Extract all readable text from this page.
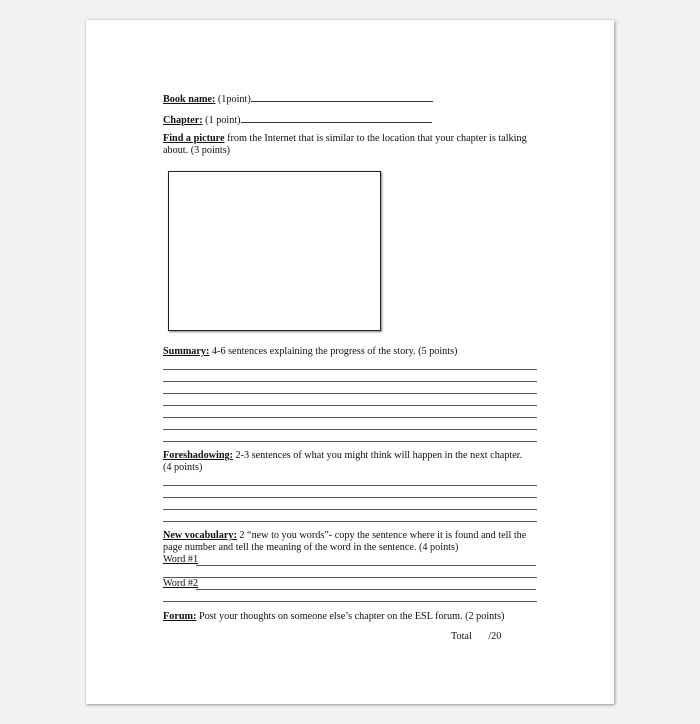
Book name: (1point)
Chapter: (1 point)
Find a picture from the Internet that is similar to the location that your chapter is talking
about. (3 points)
Summary: 4-6 sentences explaining the progress of the story. (5 points)
Foreshadowing: 2-3 sentences of what you might think will happen in the next chapter.
(4 points)
New vocabulary: 2 “new to you words”- copy the sentence where it is found and tell the
page number and tell the meaning of the word in the sentence. (4 points)
Word #1
Word #2
Forum: Post your thoughts on someone else’s chapter on the ESL forum. (2 points)
Total /20
